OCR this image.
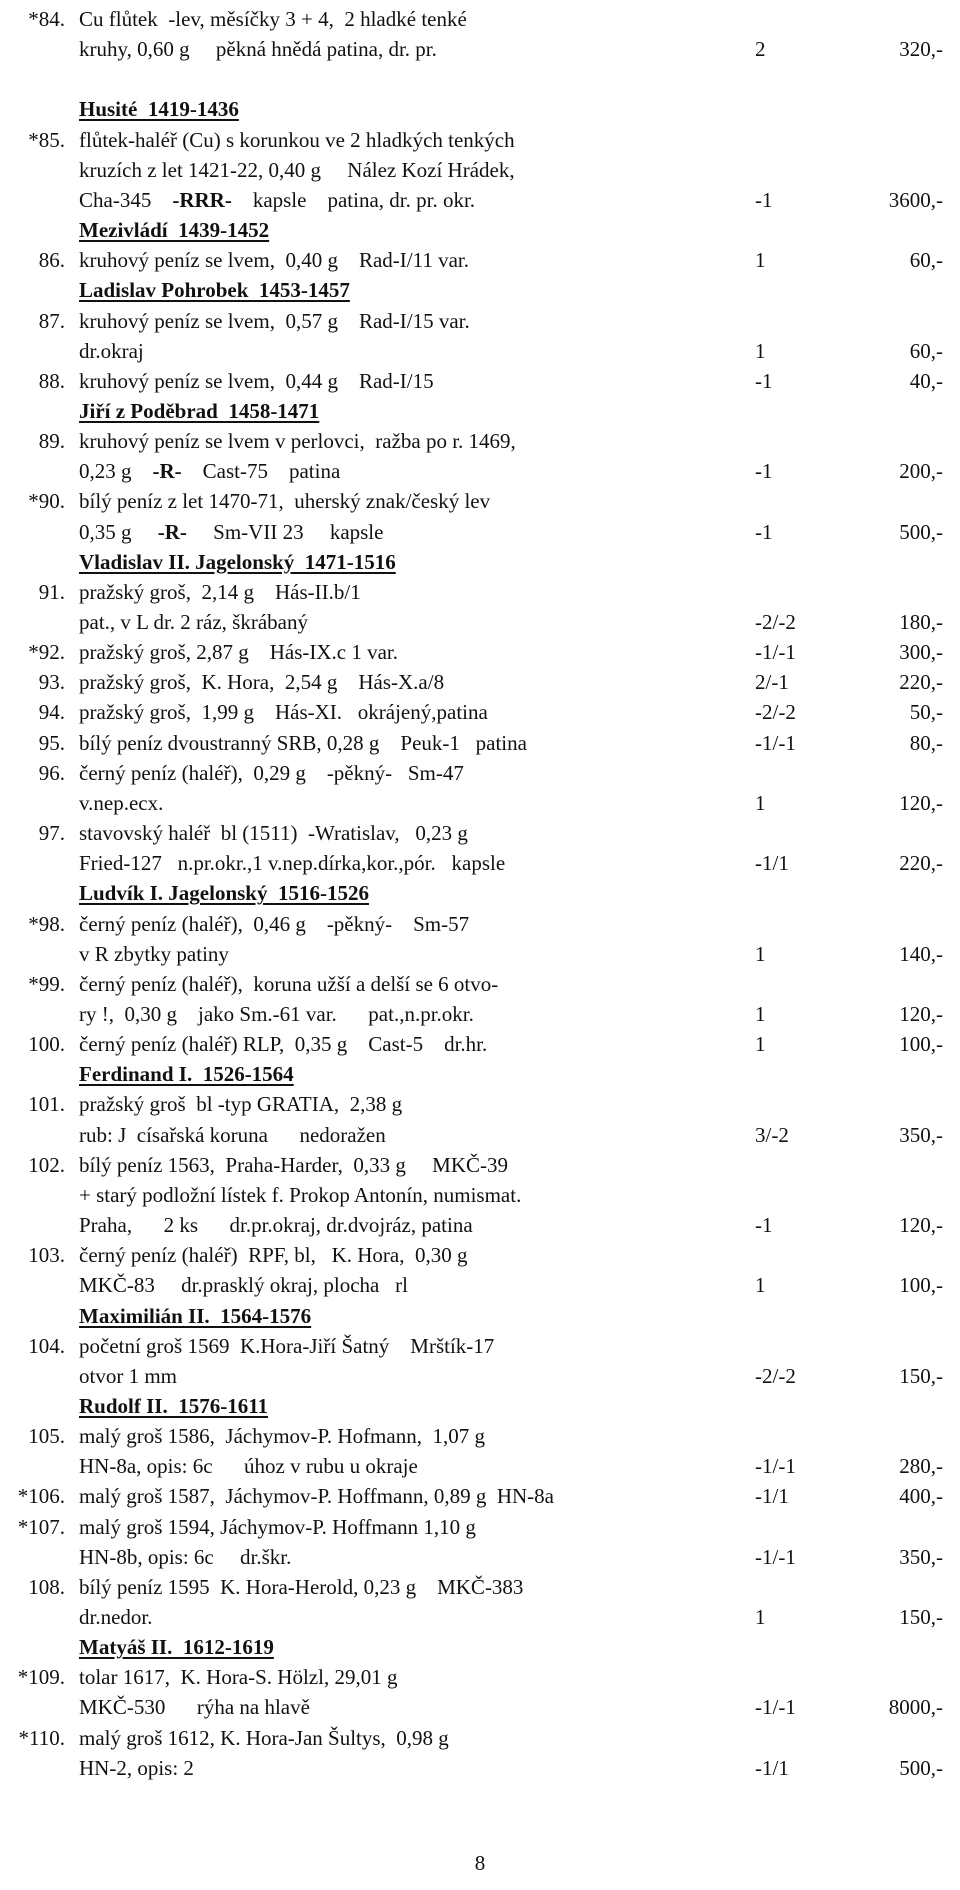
*84. Cu flůtek  -lev, měsíčky 3 + 4,  2 hladké tenké
kruhy, 0,60 g     pěkná hnědá patina, dr. pr.	2	320,-
Husité  1419-1436
*85. flůtek-haléř (Cu) s korunkou ve 2 hladkých tenkých
kruzích z let 1421-22, 0,40 g     Nález Kozí Hrádek,
Cha-345    -RRR-    kapsle    patina, dr. pr. okr.	-1	3600,-
Mezivládí  1439-1452
86. kruhový peníz se lvem,  0,40 g    Rad-I/11 var.	1	60,-
Ladislav Pohrobek  1453-1457
87. kruhový peníz se lvem,  0,57 g    Rad-I/15 var.
dr.okraj	1	60,-
88. kruhový peníz se lvem,  0,44 g    Rad-I/15	-1	40,-
Jiří z Poděbrad  1458-1471
89. kruhový peníz se lvem v perlovci,  ražba po r. 1469,
0,23 g    -R-    Cast-75    patina	-1	200,-
*90. bílý peníz z let 1470-71,  uherský znak/český lev
0,35 g     -R-     Sm-VII 23     kapsle	-1	500,-
Vladislav II. Jagelonský  1471-1516
91. pražský groš,  2,14 g    Hás-II.b/1
pat., v L dr. 2 ráz, škrábaný	-2/-2	180,-
*92. pražský groš, 2,87 g    Hás-IX.c 1 var.	-1/-1	300,-
93. pražský groš,  K. Hora,  2,54 g    Hás-X.a/8	2/-1	220,-
94. pražský groš,  1,99 g    Hás-XI.   okrájený,patina	-2/-2	50,-
95. bílý peníz dvoustranný SRB, 0,28 g    Peuk-1   patina	-1/-1	80,-
96. černý peníz (haléř),  0,29 g    -pěkný-   Sm-47
v.nep.ecx.	1	120,-
97. stavovský haléř  bl (1511)  -Wratislav,   0,23 g
Fried-127   n.pr.okr.,1 v.nep.dírka,kor.,pór.   kapsle	-1/1	220,-
Ludvík I. Jagelonský  1516-1526
*98. černý peníz (haléř),  0,46 g    -pěkný-    Sm-57
v R zbytky patiny	1	140,-
*99. černý peníz (haléř),  koruna užší a delší se 6 otvo-
ry !,  0,30 g    jako Sm.-61 var.      pat.,n.pr.okr.	1	120,-
100. černý peníz (haléř) RLP,  0,35 g    Cast-5    dr.hr.	1	100,-
Ferdinand I.  1526-1564
101. pražský groš  bl -typ GRATIA,  2,38 g
rub: J  císařská koruna      nedoražen	3/-2	350,-
102. bílý peníz 1563,  Praha-Harder,  0,33 g     MKČ-39
+ starý podložní lístek f. Prokop Antonín, numismat.
Praha,      2 ks      dr.pr.okraj, dr.dvojráz, patina	-1	120,-
103. černý peníz (haléř)  RPF, bl,   K. Hora,  0,30 g
MKČ-83     dr.prasklý okraj, plocha   rl	1	100,-
Maximilián II.  1564-1576
104. početní groš 1569  K.Hora-Jiří Šatný    Mrštík-17
otvor 1 mm	-2/-2	150,-
Rudolf II.  1576-1611
105. malý groš 1586,  Jáchymov-P. Hofmann,  1,07 g
HN-8a, opis: 6c      úhoz v rubu u okraje	-1/-1	280,-
*106. malý groš 1587,  Jáchymov-P. Hoffmann, 0,89 g  HN-8a	-1/1	400,-
*107. malý groš 1594, Jáchymov-P. Hoffmann 1,10 g
HN-8b, opis: 6c     dr.škr.	-1/-1	350,-
108. bílý peníz 1595  K. Hora-Herold, 0,23 g    MKČ-383
dr.nedor.	1	150,-
Matyáš II.  1612-1619
*109. tolar 1617,  K. Hora-S. Hölzl, 29,01 g
MKČ-530      rýha na hlavě	-1/-1	8000,-
*110. malý groš 1612, K. Hora-Jan Šultys,  0,98 g
HN-2, opis: 2	-1/1	500,-
8
